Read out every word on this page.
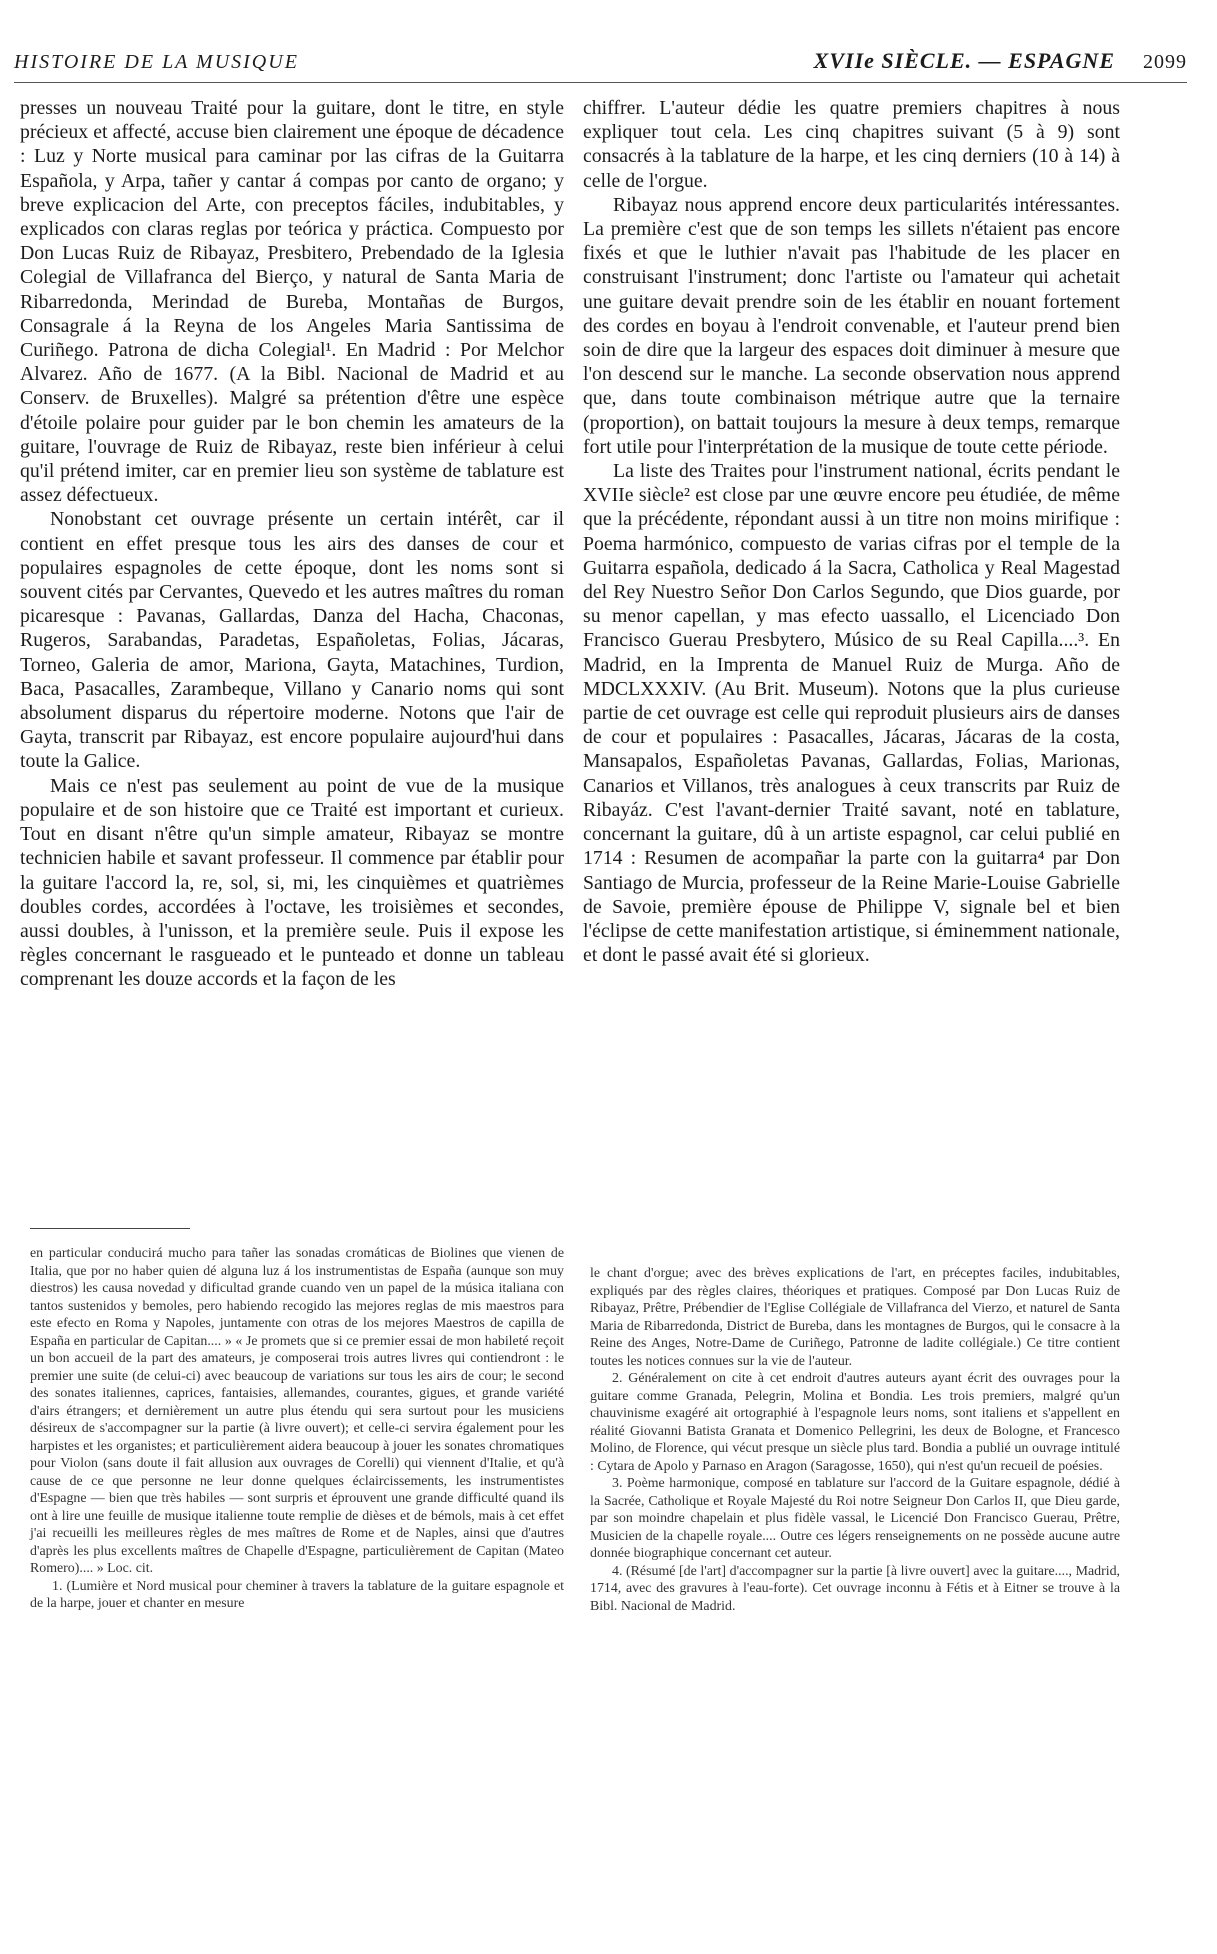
HISTOIRE DE LA MUSIQUE	XVIIe SIÈCLE. — ESPAGNE 2099

presses un nouveau Traité pour la guitare, dont le titre, en style précieux et affecté, accuse bien clairement une époque de décadence : Luz y Norte musical para caminar por las cifras de la Guitarra Española, y Arpa, tañer y cantar á compas por canto de organo; y breve explicacion del Arte, con preceptos fáciles, indubitables, y explicados con claras reglas por teórica y práctica. Compuesto por Don Lucas Ruiz de Ribayaz, Presbitero, Prebendado de la Iglesia Colegial de Villafranca del Bierço, y natural de Santa Maria de Ribarredonda, Merindad de Bureba, Montañas de Burgos, Consagrale á la Reyna de los Angeles Maria Santissima de Curiñego. Patrona de dicha Colegial¹. En Madrid : Por Melchor Alvarez. Año de 1677. (A la Bibl. Nacional de Madrid et au Conserv. de Bruxelles). Malgré sa prétention d'être une espèce d'étoile polaire pour guider par le bon chemin les amateurs de la guitare, l'ouvrage de Ruiz de Ribayaz, reste bien inférieur à celui qu'il prétend imiter, car en premier lieu son système de tablature est assez défectueux.

Nonobstant cet ouvrage présente un certain intérêt, car il contient en effet presque tous les airs des danses de cour et populaires espagnoles de cette époque, dont les noms sont si souvent cités par Cervantes, Quevedo et les autres maîtres du roman picaresque : Pavanas, Gallardas, Danza del Hacha, Chaconas, Rugeros, Sarabandas, Paradetas, Españoletas, Folias, Jácaras, Torneo, Galeria de amor, Mariona, Gayta, Matachines, Turdion, Baca, Pasacalles, Zarambeque, Villano y Canario noms qui sont absolument disparus du répertoire moderne. Notons que l'air de Gayta, transcrit par Ribayaz, est encore populaire aujourd'hui dans toute la Galice.

Mais ce n'est pas seulement au point de vue de la musique populaire et de son histoire que ce Traité est important et curieux. Tout en disant n'être qu'un simple amateur, Ribayaz se montre technicien habile et savant professeur. Il commence par établir pour la guitare l'accord la, re, sol, si, mi, les cinquièmes et quatrièmes doubles cordes, accordées à l'octave, les troisièmes et secondes, aussi doubles, à l'unisson, et la première seule. Puis il expose les règles concernant le rasgueado et le punteado et donne un tableau comprenant les douze accords et la façon de les

chiffrer. L'auteur dédie les quatre premiers chapitres à nous expliquer tout cela. Les cinq chapitres suivant (5 à 9) sont consacrés à la tablature de la harpe, et les cinq derniers (10 à 14) à celle de l'orgue.

Ribayaz nous apprend encore deux particularités intéressantes. La première c'est que de son temps les sillets n'étaient pas encore fixés et que le luthier n'avait pas l'habitude de les placer en construisant l'instrument; donc l'artiste ou l'amateur qui achetait une guitare devait prendre soin de les établir en nouant fortement des cordes en boyau à l'endroit convenable, et l'auteur prend bien soin de dire que la largeur des espaces doit diminuer à mesure que l'on descend sur le manche. La seconde observation nous apprend que, dans toute combinaison métrique autre que la ternaire (proportion), on battait toujours la mesure à deux temps, remarque fort utile pour l'interprétation de la musique de toute cette période.

La liste des Traites pour l'instrument national, écrits pendant le XVIIe siècle² est close par une œuvre encore peu étudiée, de même que la précédente, répondant aussi à un titre non moins mirifique : Poema harmónico, compuesto de varias cifras por el temple de la Guitarra española, dedicado á la Sacra, Catholica y Real Magestad del Rey Nuestro Señor Don Carlos Segundo, que Dios guarde, por su menor capellan, y mas efecto uassallo, el Licenciado Don Francisco Guerau Presbytero, Músico de su Real Capilla....³. En Madrid, en la Imprenta de Manuel Ruiz de Murga. Año de MDCLXXXIV. (Au Brit. Museum). Notons que la plus curieuse partie de cet ouvrage est celle qui reproduit plusieurs airs de danses de cour et populaires : Pasacalles, Jácaras, Jácaras de la costa, Mansapalos, Españoletas Pavanas, Gallardas, Folias, Marionas, Canarios et Villanos, très analogues à ceux transcrits par Ruiz de Ribayáz. C'est l'avant-dernier Traité savant, noté en tablature, concernant la guitare, dû à un artiste espagnol, car celui publié en 1714 : Resumen de acompañar la parte con la guitarra⁴ par Don Santiago de Murcia, professeur de la Reine Marie-Louise Gabrielle de Savoie, première épouse de Philippe V, signale bel et bien l'éclipse de cette manifestation artistique, si éminemment nationale, et dont le passé avait été si glorieux.

en particular conducirá mucho para tañer las sonadas cromáticas de Biolines que vienen de Italia, que por no haber quien dé alguna luz á los instrumentistas de España (aunque son muy diestros) les causa novedad y dificultad grande cuando ven un papel de la música italiana con tantos sustenidos y bemoles, pero habiendo recogido las mejores reglas de mis maestros para este efecto en Roma y Napoles, juntamente con otras de los mejores Maestros de capilla de España en particular de Capitan.... » « Je promets que si ce premier essai de mon habileté reçoit un bon accueil de la part des amateurs, je composerai trois autres livres qui contiendront : le premier une suite (de celui-ci) avec beaucoup de variations sur tous les airs de cour; le second des sonates italiennes, caprices, fantaisies, allemandes, courantes, gigues, et grande variété d'airs étrangers; et dernièrement un autre plus étendu qui sera surtout pour les musiciens désireux de s'accompagner sur la partie (à livre ouvert); et celle-ci servira également pour les harpistes et les organistes; et particulièrement aidera beaucoup à jouer les sonates chromatiques pour Violon (sans doute il fait allusion aux ouvrages de Corelli) qui viennent d'Italie, et qu'à cause de ce que personne ne leur donne quelques éclaircissements, les instrumentistes d'Espagne — bien que très habiles — sont surpris et éprouvent une grande difficulté quand ils ont à lire une feuille de musique italienne toute remplie de dièses et de bémols, mais à cet effet j'ai recueilli les meilleures règles de mes maîtres de Rome et de Naples, ainsi que d'autres d'après les plus excellents maîtres de Chapelle d'Espagne, particulièrement de Capitan (Mateo Romero).... » Loc. cit.

1. (Lumière et Nord musical pour cheminer à travers la tablature de la guitare espagnole et de la harpe, jouer et chanter en mesure

le chant d'orgue; avec des brèves explications de l'art, en préceptes faciles, indubitables, expliqués par des règles claires, théoriques et pratiques. Composé par Don Lucas Ruiz de Ribayaz, Prêtre, Prébendier de l'Eglise Collégiale de Villafranca del Vierzo, et naturel de Santa Maria de Ribarredonda, District de Bureba, dans les montagnes de Burgos, qui le consacre à la Reine des Anges, Notre-Dame de Curiñego, Patronne de ladite collégiale.) Ce titre contient toutes les notices connues sur la vie de l'auteur.

2. Généralement on cite à cet endroit d'autres auteurs ayant écrit des ouvrages pour la guitare comme Granada, Pelegrin, Molina et Bondia. Les trois premiers, malgré qu'un chauvinisme exagéré ait ortographié à l'espagnole leurs noms, sont italiens et s'appellent en réalité Giovanni Batista Granata et Domenico Pellegrini, les deux de Bologne, et Francesco Molino, de Florence, qui vécut presque un siècle plus tard. Bondia a publié un ouvrage intitulé : Cytara de Apolo y Parnaso en Aragon (Saragosse, 1650), qui n'est qu'un recueil de poésies.

3. Poème harmonique, composé en tablature sur l'accord de la Guitare espagnole, dédié à la Sacrée, Catholique et Royale Majesté du Roi notre Seigneur Don Carlos II, que Dieu garde, par son moindre chapelain et plus fidèle vassal, le Licencié Don Francisco Guerau, Prêtre, Musicien de la chapelle royale.... Outre ces légers renseignements on ne possède aucune autre donnée biographique concernant cet auteur.

4. (Résumé [de l'art] d'accompagner sur la partie [à livre ouvert] avec la guitare...., Madrid, 1714, avec des gravures à l'eau-forte). Cet ouvrage inconnu à Fétis et à Eitner se trouve à la Bibl. Nacional de Madrid.
